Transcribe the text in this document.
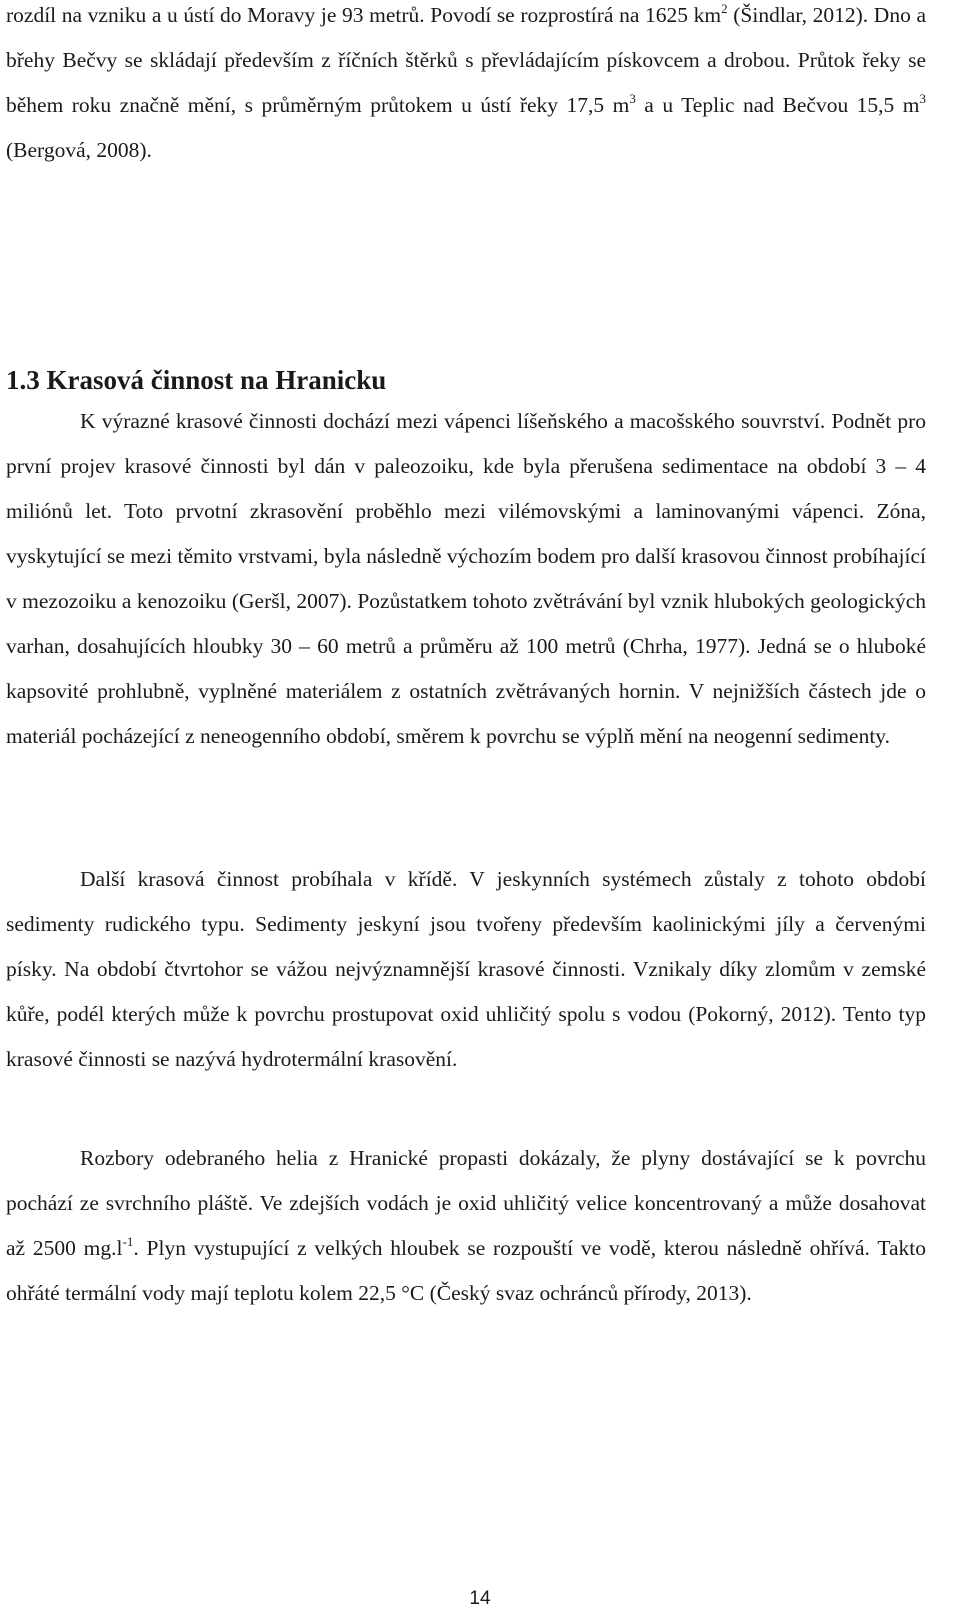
rozdíl na vzniku a u ústí do Moravy je 93 metrů. Povodí se rozprostírá na 1625 $km^2$ (Šindlar, 2012). Dno a břehy Bečvy se skládají především z říčních štěrků s převládajícím pískovcem a drobou. Průtok řeky se během roku značně mění, s průměrným průtokem u ústí řeky 17,5 $m^3$ a u Teplic nad Bečvou 15,5 $m^3$ (Bergová, 2008).

1.3 Krasová činnost na Hranicku

K výrazné krasové činnosti dochází mezi vápenci líšeňského a macošského souvrství. Podnět pro první projev krasové činnosti byl dán v paleozoiku, kde byla přerušena sedimentace na období 3 – 4 miliónů let. Toto prvotní zkrasovění proběhlo mezi vilémovskými a laminovanými vápenci. Zóna, vyskytující se mezi těmito vrstvami, byla následně výchozím bodem pro další krasovou činnost probíhající v mezozoiku a kenozoiku (Geršl, 2007). Pozůstatkem tohoto zvětrávání byl vznik hlubokých geologických varhan, dosahujících hloubky 30 – 60 metrů a průměru až 100 metrů (Chrha, 1977). Jedná se o hluboké kapsovité prohlubně, vyplněné materiálem z ostatních zvětrávaných hornin. V nejnižších částech jde o materiál pocházející z neneogenního období, směrem k povrchu se výplň mění na neogenní sedimenty.

Další krasová činnost probíhala v křídě. V jeskynních systémech zůstaly z tohoto období sedimenty rudického typu. Sedimenty jeskyní jsou tvořeny především kaolinickými jíly a červenými písky. Na období čtvrtohor se vážou nejvýznamnější krasové činnosti. Vznikaly díky zlomům v zemské kůře, podél kterých může k povrchu prostupovat oxid uhličitý spolu s vodou (Pokorný, 2012). Tento typ krasové činnosti se nazývá hydrotermální krasovění.

Rozbory odebraného helia z Hranické propasti dokázaly, že plyny dostávající se k povrchu pochází ze svrchního pláště. Ve zdejších vodách je oxid uhličitý velice koncentrovaný a může dosahovat až 2500 $mg.l^{-1}$. Plyn vystupující z velkých hloubek se rozpouští ve vodě, kterou následně ohřívá. Takto ohřáté termální vody mají teplotu kolem 22,5 °C (Český svaz ochránců přírody, 2013).

14
